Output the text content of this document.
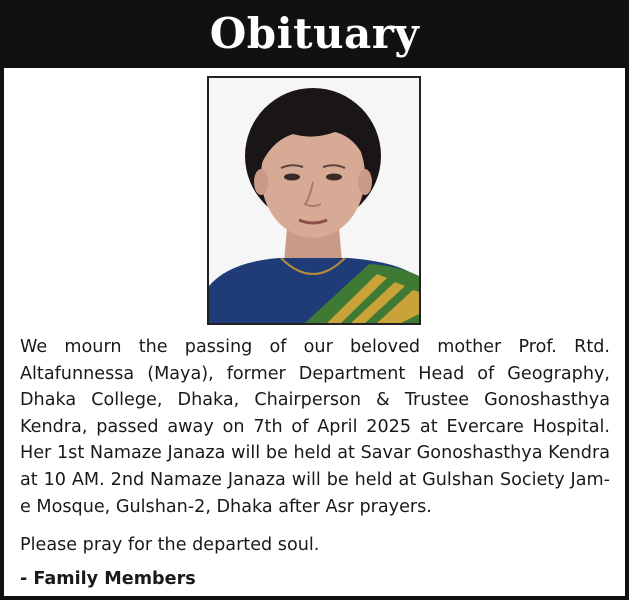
Obituary

We mourn the passing of our beloved mother Prof. Rtd. Altafunnessa (Maya), former Department Head of Geography, Dhaka College, Dhaka, Chairperson & Trustee Gonoshasthya Kendra, passed away on 7th of April 2025 at Evercare Hospital. Her 1st Namaze Janaza will be held at Savar Gonoshasthya Kendra at 10 AM. 2nd Namaze Janaza will be held at Gulshan Society Jam-e Mosque, Gulshan-2, Dhaka after Asr prayers.

Please pray for the departed soul.

- Family Members
